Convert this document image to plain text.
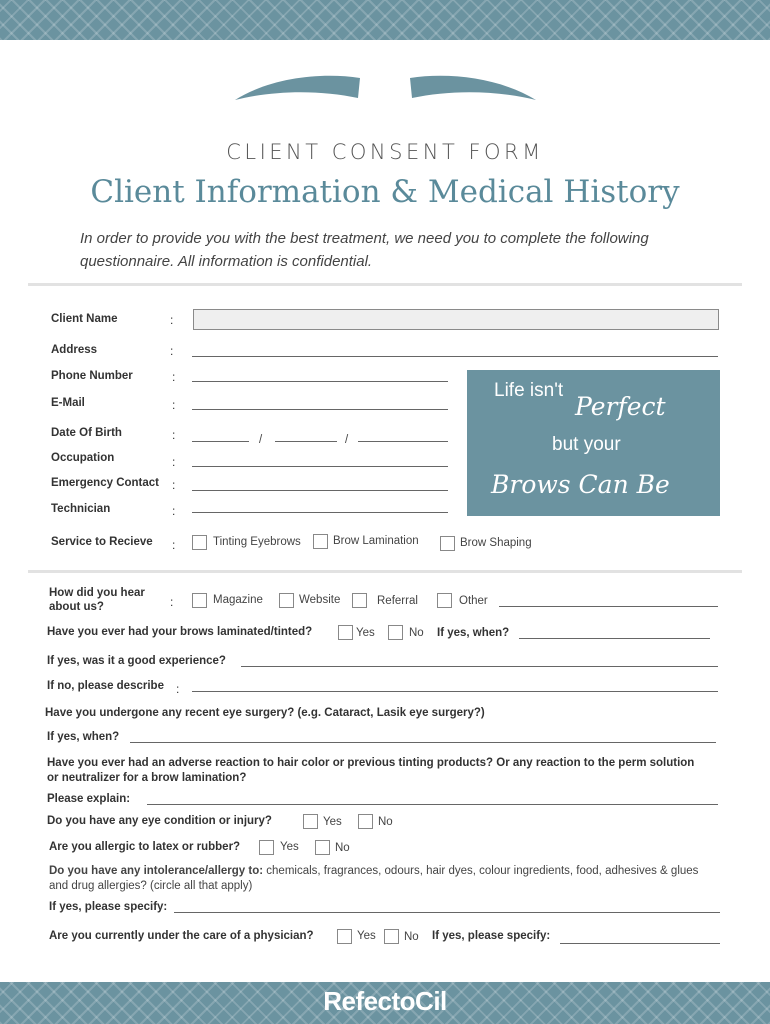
CLIENT CONSENT FORM
Client Information & Medical History
In order to provide you with the best treatment, we need you to complete the following questionnaire. All information is confidential.
Client Name	:
Address	:
Phone Number	:
E-Mail	:
Date Of Birth	:	/	/
Occupation	:
Emergency Contact :
Technician	:
Life isn't
Perfect
but your
Brows Can Be
Service to Recieve :	Tinting Eyebrows	Brow Lamination	Brow Shaping
How did you hear about us?	:	Magazine	Website	Referral	Other
Have you ever had your brows laminated/tinted?	Yes	No If yes, when?
If yes, was it a good experience?
If no, please describe :
Have you undergone any recent eye surgery? (e.g. Cataract, Lasik eye surgery?)
If yes, when?
Have you ever had an adverse reaction to hair color or previous tinting products? Or any reaction to the perm solution or neutralizer for a brow lamination?
Please explain:
Do you have any eye condition or injury?	Yes	No
Are you allergic to latex or rubber?	Yes	No
Do you have any intolerance/allergy to: chemicals, fragrances, odours, hair dyes, colour ingredients, food, adhesives & glues and drug allergies? (circle all that apply)
If yes, please specify:
Are you currently under the care of a physician?	Yes No If yes, please specify:
RefectoCil
